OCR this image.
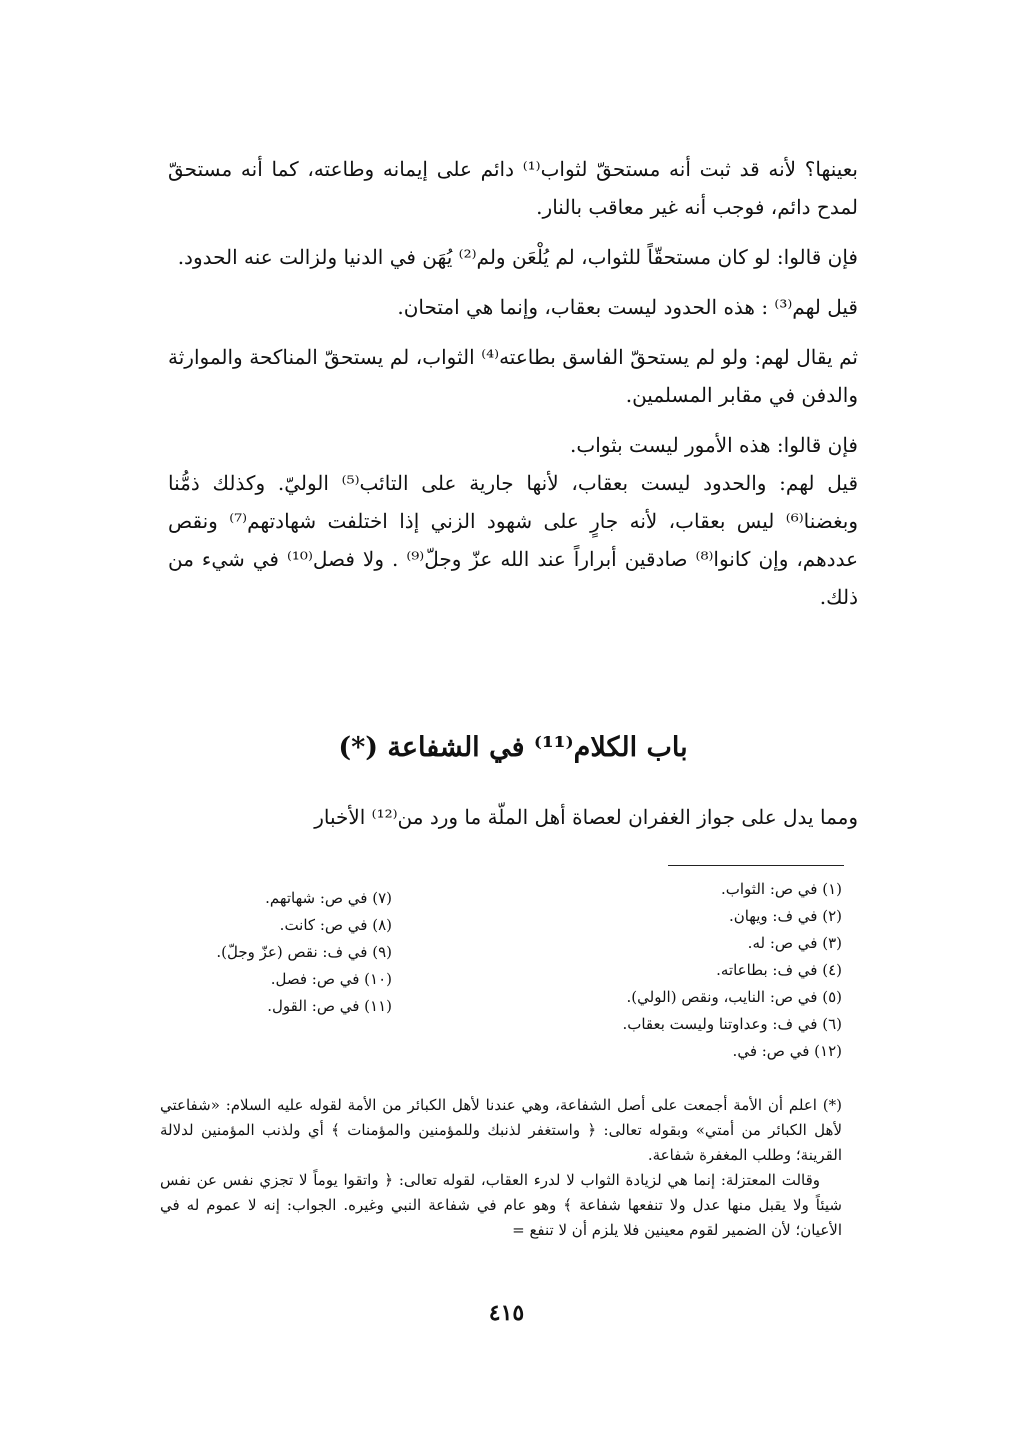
بعينها؟ لأنه قد ثبت أنه مستحقّ لثواب⁽¹⁾ دائم على إيمانه وطاعته، كما أنه مستحقّ لمدح دائم، فوجب أنه غير معاقب بالنار.

فإن قالوا: لو كان مستحقّاً للثواب، لم يُلْعَن ولم⁽²⁾ يُهَن في الدنيا ولزالت عنه الحدود.

قيل لهم⁽³⁾ : هذه الحدود ليست بعقاب، وإنما هي امتحان.

ثم يقال لهم: ولو لم يستحقّ الفاسق بطاعته⁽⁴⁾ الثواب، لم يستحقّ المناكحة والموارثة والدفن في مقابر المسلمين.

فإن قالوا: هذه الأمور ليست بثواب.

قيل لهم: والحدود ليست بعقاب، لأنها جارية على التائب⁽⁵⁾ الوليّ. وكذلك ذمُّنا وبغضنا⁽⁶⁾ ليس بعقاب، لأنه جارٍ على شهود الزني إذا اختلفت شهادتهم⁽⁷⁾ ونقص عددهم، وإن كانوا⁽⁸⁾ صادقين أبراراً عند الله عزّ وجلّ⁽⁹⁾ . ولا فصل⁽¹⁰⁾ في شيء من ذلك.

باب الكلام⁽¹¹⁾ في الشفاعة (*)
ومما يدل على جواز الغفران لعصاة أهل الملّة ما ورد من⁽¹²⁾ الأخبار
(١) في ص: الثواب.
(٢) في ف: ويهان.
(٣) في ص: له.
(٤) في ف: بطاعاته.
(٥) في ص: النايب، ونقص (الولي).
(٦) في ف: وعداوتنا وليست بعقاب.
(١٢) في ص: في.
(٧) في ص: شهاتهم.
(٨) في ص: كانت.
(٩) في ف: نقص (عزّ وجلّ).
(١٠) في ص: فصل.
(١١) في ص: القول.

(*) اعلم أن الأمة أجمعت على أصل الشفاعة، وهي عندنا لأهل الكبائر من الأمة لقوله عليه السلام: «شفاعتي لأهل الكبائر من أمتي» وبقوله تعالى: ﴿ واستغفر لذنبك وللمؤمنين والمؤمنات ﴾ أي ولذنب المؤمنين لدلالة القرينة؛ وطلب المغفرة شفاعة.

وقالت المعتزلة: إنما هي لزيادة الثواب لا لدرء العقاب، لقوله تعالى: ﴿ واتقوا يوماً لا تجزي نفس عن نفس شيئاً ولا يقبل منها عدل ولا تنفعها شفاعة ﴾ وهو عام في شفاعة النبي وغيره. الجواب: إنه لا عموم له في الأعيان؛ لأن الضمير لقوم معينين فلا يلزم أن لا تنفع =

٤١٥
